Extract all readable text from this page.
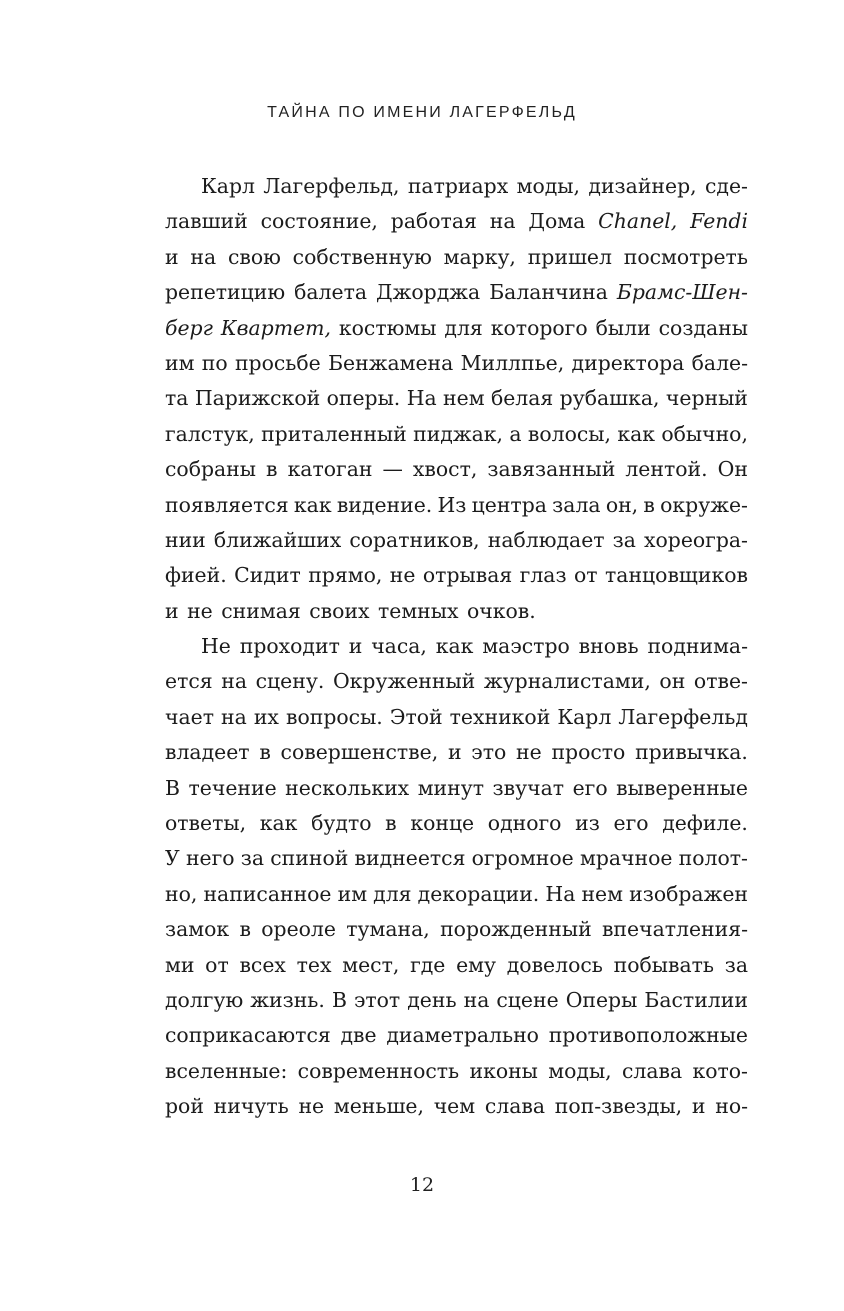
ТАЙНА ПО ИМЕНИ ЛАГЕРФЕЛЬД
Карл Лагерфельд, патриарх моды, дизайнер, сде-
лавший состояние, работая на Дома Chanel, Fendi
и на свою собственную марку, пришел посмотреть
репетицию балета Джорджа Баланчина Брамс-Шен-
берг Квартет, костюмы для которого были созданы
им по просьбе Бенжамена Миллпье, директора бале-
та Парижской оперы. На нем белая рубашка, черный
галстук, приталенный пиджак, а волосы, как обычно,
собраны в катоган — хвост, завязанный лентой. Он
появляется как видение. Из центра зала он, в окруже-
нии ближайших соратников, наблюдает за хореогра-
фией. Сидит прямо, не отрывая глаз от танцовщиков
и
не
снимая
своих
темных
очков.
Не проходит и часа, как маэстро вновь поднима-
ется на сцену. Окруженный журналистами, он отве-
чает на их вопросы. Этой техникой Карл Лагерфельд
владеет в совершенстве, и это не просто привычка.
В течение нескольких минут звучат его выверенные
ответы, как будто в конце одного из его дефиле.
У него за спиной виднеется огромное мрачное полот-
но, написанное им для декорации. На нем изображен
замок в ореоле тумана, порожденный впечатления-
ми от всех тех мест, где ему довелось побывать за
долгую жизнь. В этот день на сцене Оперы Бастилии
соприкасаются две диаметрально противоположные
вселенные: современность иконы моды, слава кото-
рой ничуть не меньше, чем слава поп-звезды, и но-
12
